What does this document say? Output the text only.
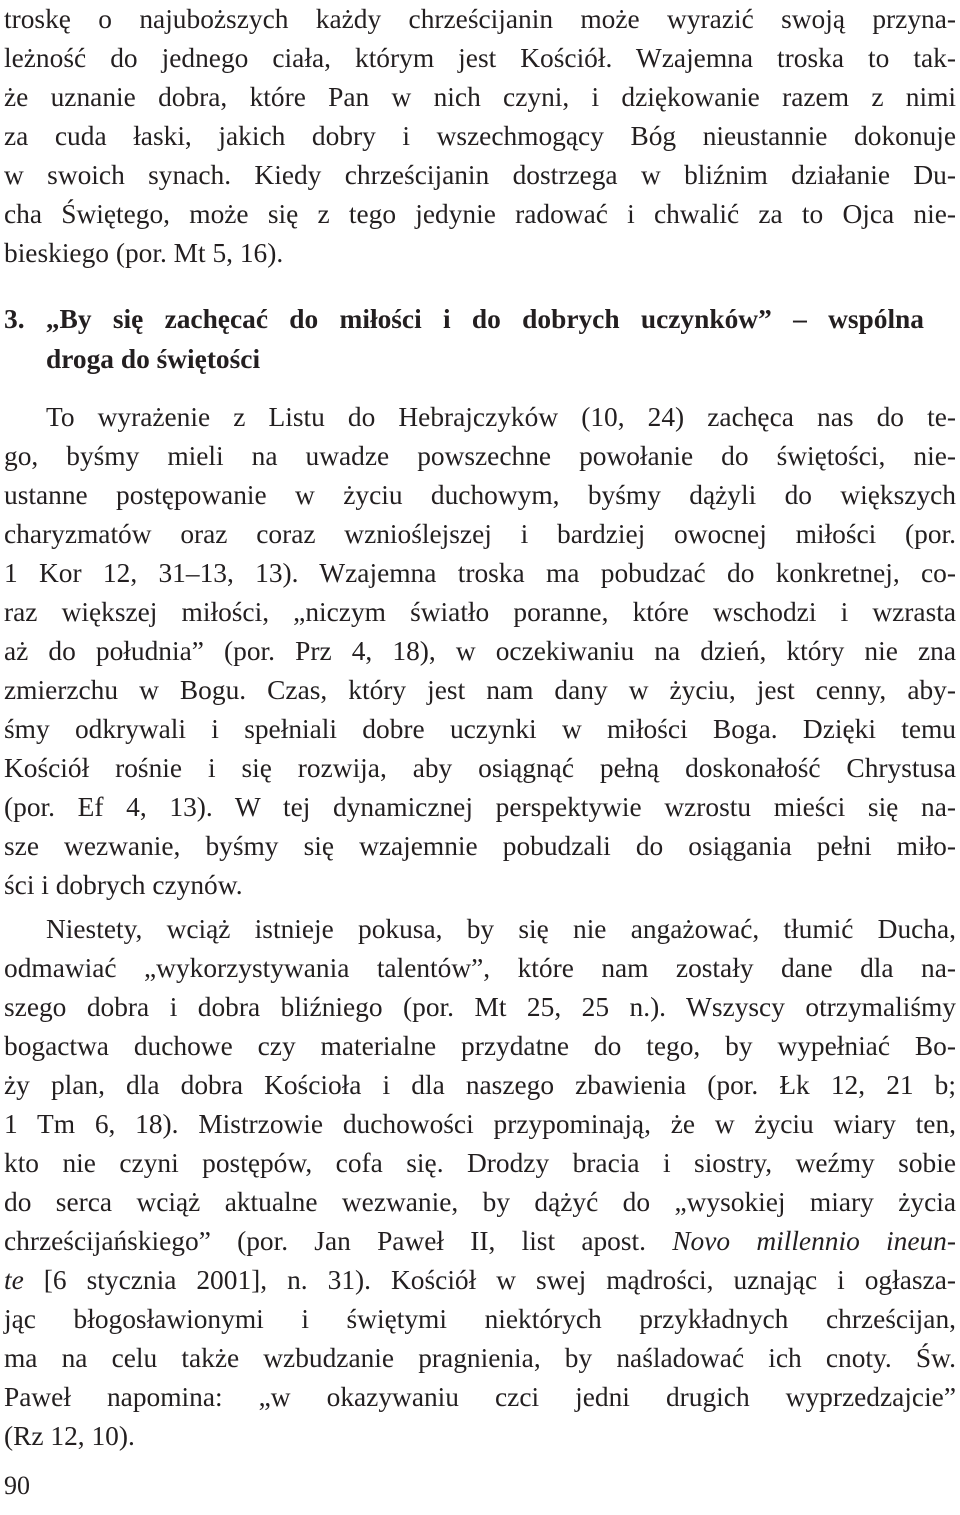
troskę o najuboższych każdy chrześcijanin może wyrazić swoją przyna-
leżność do jednego ciała, którym jest Kościół. Wzajemna troska to tak-
że uznanie dobra, które Pan w nich czyni, i dziękowanie razem z nimi
za cuda łaski, jakich dobry i wszechmogący Bóg nieustannie dokonuje
w swoich synach. Kiedy chrześcijanin dostrzega w bliźnim działanie Du-
cha Świętego, może się z tego jedynie radować i chwalić za to Ojca nie-
bieskiego (por. Mt 5, 16).
3. „By się zachęcać do miłości i do dobrych uczynków” – wspólna
droga do świętości
To wyrażenie z Listu do Hebrajczyków (10, 24) zachęca nas do te-
go, byśmy mieli na uwadze powszechne powołanie do świętości, nie-
ustanne postępowanie w życiu duchowym, byśmy dążyli do większych
charyzmatów oraz coraz wznioślejszej i bardziej owocnej miłości (por.
1 Kor 12, 31–13, 13). Wzajemna troska ma pobudzać do konkretnej, co-
raz większej miłości, „niczym światło poranne, które wschodzi i wzrasta
aż do południa” (por. Prz 4, 18), w oczekiwaniu na dzień, który nie zna
zmierzchu w Bogu. Czas, który jest nam dany w życiu, jest cenny, aby-
śmy odkrywali i spełniali dobre uczynki w miłości Boga. Dzięki temu
Kościół rośnie i się rozwija, aby osiągnąć pełną doskonałość Chrystusa
(por. Ef 4, 13). W tej dynamicznej perspektywie wzrostu mieści się na-
sze wezwanie, byśmy się wzajemnie pobudzali do osiągania pełni miło-
ści i dobrych czynów.
Niestety, wciąż istnieje pokusa, by się nie angażować, tłumić Ducha,
odmawiać „wykorzystywania talentów”, które nam zostały dane dla na-
szego dobra i dobra bliźniego (por. Mt 25, 25 n.). Wszyscy otrzymaliśmy
bogactwa duchowe czy materialne przydatne do tego, by wypełniać Bo-
ży plan, dla dobra Kościoła i dla naszego zbawienia (por. Łk 12, 21 b;
1 Tm 6, 18). Mistrzowie duchowości przypominają, że w życiu wiary ten,
kto nie czyni postępów, cofa się. Drodzy bracia i siostry, weźmy sobie
do serca wciąż aktualne wezwanie, by dążyć do „wysokiej miary życia
chrześcijańskiego” (por. Jan Paweł II, list apost. Novo millennio ineun-
te [6 stycznia 2001], n. 31). Kościół w swej mądrości, uznając i ogłasza-
jąc błogosławionymi i świętymi niektórych przykładnych chrześcijan,
ma na celu także wzbudzanie pragnienia, by naśladować ich cnoty. Św.
Paweł napomina: „w okazywaniu czci jedni drugich wyprzedzajcie”
(Rz 12, 10).
90
